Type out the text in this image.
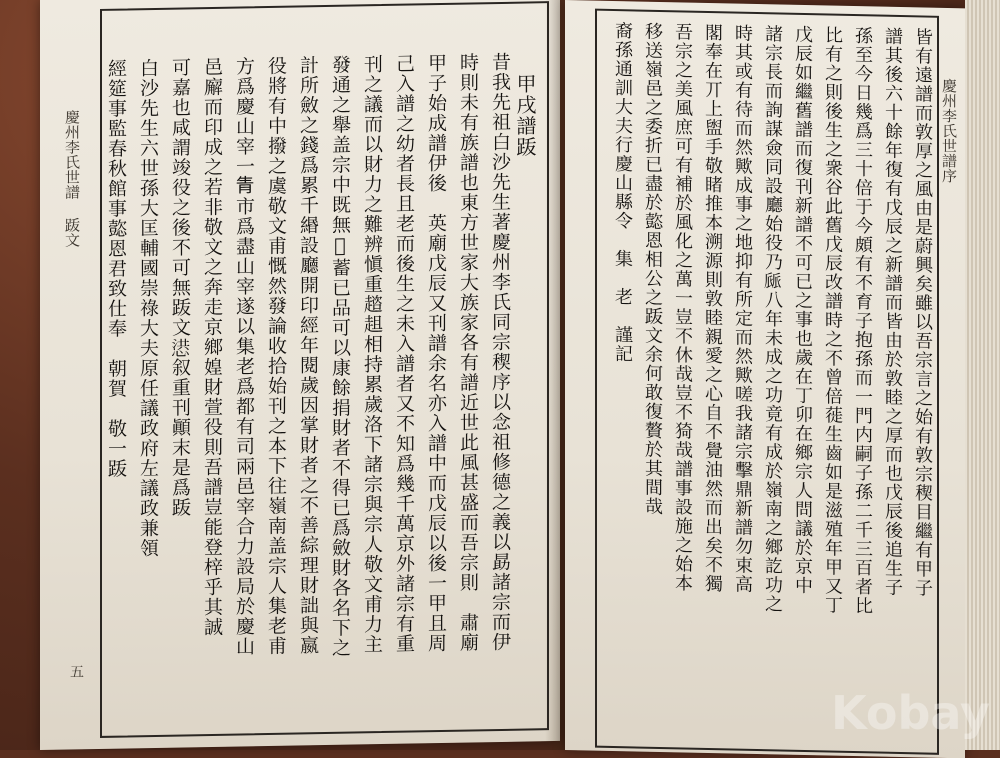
昔我先祖白沙先生著慶州李氏同宗稧序以念祖修德之義以勗諸宗而伊
時則未有族譜也東方世家大族家各有譜近世此風甚盛而吾宗則　肅廟
甲子始成譜伊後　英廟戊辰又刊譜余名亦入譜中而戊辰以後一甲且周
己入譜之幼者長且老而後生之未入譜者又不知爲幾千萬京外諸宗有重
刊之議而以財力之難辨愼重趦趄相持累歲洛下諸宗與宗人敬文甫力主
發通之舉盖宗中既無𦋺蓄已品可以康餘捐財者不得已爲斂財各名下之
計所斂之錢爲累千緡設廳開印經年閱歲因掌財者之不善綜理財詘與嬴
役將有中撥之虞敬文甫慨然發論收拾始刊之本下往嶺南盖宗人集老甫
方爲慶山宰一𤯝市爲盡山宰遂以集老爲都有司兩邑宰合力設局於慶山
邑廨而印成之若非敬文之奔走京鄉媓財萱役則吾譜豈能登梓乎其誠
可嘉也咸謂竣役之後不可無䟦文𢝳叙重刊顚末是爲䟦
白沙先生六世孫大匡輔國崇祿大夫原任議政府左議政兼領
經筵事監春秋館事㦤恩君致仕奉　朝賀　敬一䟦	甲戌譜䟦
慶州李氏世譜 䟦文
五
皆有遠譜而敦厚之風由是蔚興矣雖以吾宗言之始有敦宗稧目繼有甲子
譜其後六十餘年復有戊辰之新譜而皆由於敦睦之厚而也戊辰後追生子
孫至今日幾爲三十倍于今頗有不育子抱孫而一門内嗣子孫二千三百者比
比有之則後生之衆谷此舊戊辰改譜時之不曾倍蓰生齒如是滋殖年甲又丁
戊辰如繼舊譜而復刊新譜不可已之事也歲在丁卯在鄉宗人問議於京中
諸宗長而詢謀僉同設廳始役乃𠃄八年未成之功竟有成於嶺南之鄉訖功之
時其或有待而然歟成事之地抑有所定而然歟嗟我諸宗擊鼎新譜勿束高
閣奉在丌上盥手敬睹推本溯源則敦睦親愛之心自不覺油然而出矣不獨
吾宗之美風庶可有補於風化之萬一豈不休哉豈不猗哉譜事設施之始本
移送嶺邑之委折已盡於㦤恩相公之䟦文余何敢復贅於其間哉
裔孫通訓大夫行慶山縣令　集　老　謹記	慶州李氏世譜序
Kobay
